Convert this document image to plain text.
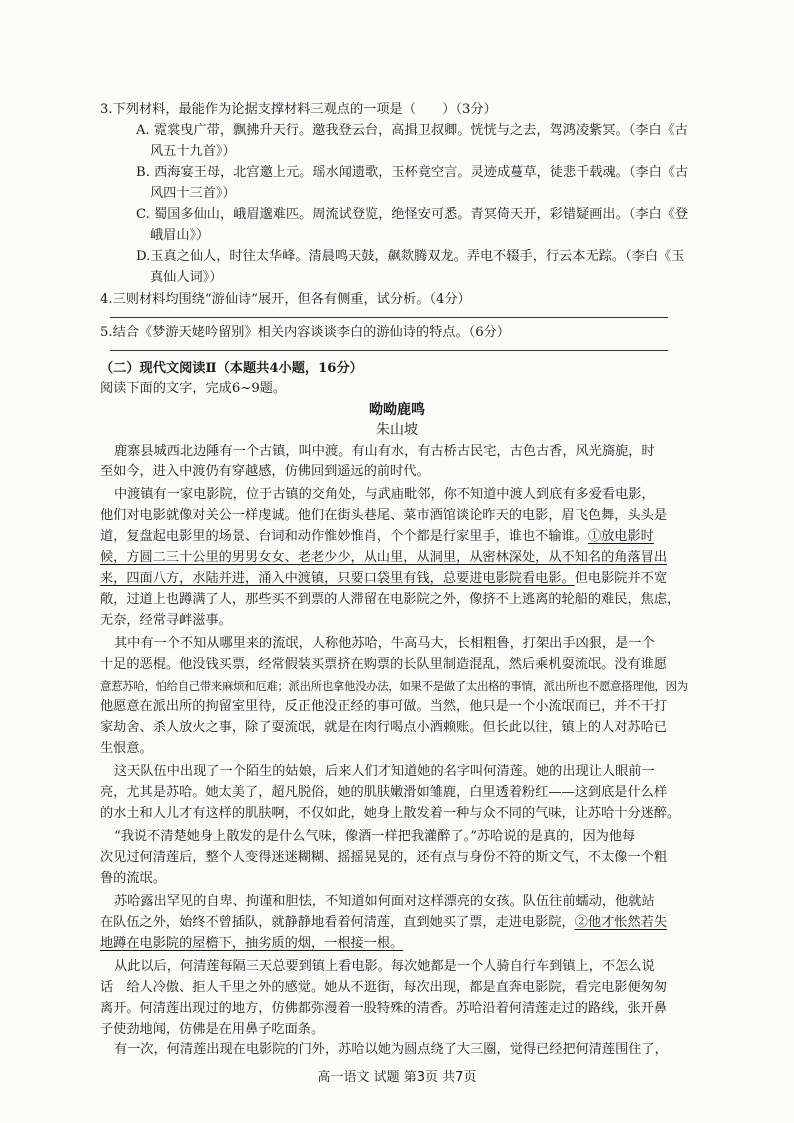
3.下列材料，最能作为论据支撑材料三观点的一项是（　　）（3分）
A. 霓裳曳广带，飘拂升天行。邀我登云台，高揖卫叔卿。恍恍与之去，驾鸿凌紫冥。（李白《古
风五十九首》）
B. 西海宴王母，北宫邀上元。瑶水闻遗歌，玉杯竟空言。灵迹成蔓草，徒悲千载魂。（李白《古
风四十三首》）
C. 蜀国多仙山，峨眉邈难匹。周流试登览，绝怪安可悉。青冥倚天开，彩错疑画出。（李白《登
峨眉山》）
D.玉真之仙人，时往太华峰。清晨鸣天鼓，飙欻腾双龙。弄电不辍手，行云本无踪。（李白《玉
真仙人词》）
4.三则材料均围绕“游仙诗”展开，但各有侧重，试分析。（4分）
5.结合《梦游天姥吟留别》相关内容谈谈李白的游仙诗的特点。（6分）
（二）现代文阅读Ⅱ（本题共4小题，16分）
阅读下面的文字，完成6~9题。
呦呦鹿鸣
朱山坡
鹿寨县城西北边陲有一个古镇，叫中渡。有山有水，有古桥古民宅，古色古香，风光旖旎，时
至如今，进入中渡仍有穿越感，仿佛回到遥远的前时代。
中渡镇有一家电影院，位于古镇的交角处，与武庙毗邻，你不知道中渡人到底有多爱看电影，
他们对电影就像对关公一样虔诚。他们在街头巷尾、菜市酒馆谈论昨天的电影，眉飞色舞，头头是
道，复盘起电影里的场景、台词和动作惟妙惟肖，个个都是行家里手，谁也不输谁。①放电影时
候，方圆二三十公里的男男女女、老老少少，从山里，从洞里，从密林深处，从不知名的角落冒出
来，四面八方，水陆并进，涌入中渡镇，只要口袋里有钱，总要进电影院看电影。但电影院并不宽
敞，过道上也蹲满了人，那些买不到票的人滞留在电影院之外，像挤不上逃离的轮船的难民，焦虑，
无奈，经常寻衅滋事。
其中有一个不知从哪里来的流氓，人称他苏哈，牛高马大，长相粗鲁，打架出手凶狠，是一个
十足的恶棍。他没钱买票，经常假装买票挤在购票的长队里制造混乱，然后乘机耍流氓。没有谁愿
意惹苏哈，怕给自己带来麻烦和厄难；派出所也拿他没办法，如果不是做了太出格的事情，派出所也不愿意搭理他，因为
他愿意在派出所的拘留室里待，反正他没正经的事可做。当然，他只是一个小流氓而已，并不干打
家劫舍、杀人放火之事，除了耍流氓，就是在肉行喝点小酒赖账。但长此以往，镇上的人对苏哈已
生恨意。
这天队伍中出现了一个陌生的姑娘，后来人们才知道她的名字叫何清莲。她的出现让人眼前一
亮，尤其是苏哈。她太美了，超凡脱俗，她的肌肤嫩滑如雏鹿，白里透着粉红——这到底是什么样
的水土和人儿才有这样的肌肤啊，不仅如此，她身上散发着一种与众不同的气味，让苏哈十分迷醉。
“我说不清楚她身上散发的是什么气味，像酒一样把我灌醉了。”苏哈说的是真的，因为他每
次见过何清莲后，整个人变得迷迷糊糊、摇摇晃晃的，还有点与身份不符的斯文气，不太像一个粗
鲁的流氓。
苏哈露出罕见的自卑、拘谨和胆怯，不知道如何面对这样漂亮的女孩。队伍往前蠕动，他就站
在队伍之外，始终不曾插队，就静静地看着何清莲，直到她买了票，走进电影院，②他才怅然若失
地蹲在电影院的屋檐下，抽劣质的烟，一根接一根。
从此以后，何清莲每隔三天总要到镇上看电影。每次她都是一个人骑自行车到镇上，不怎么说
话　给人冷傲、拒人千里之外的感觉。她从不逛街，每次出现，都是直奔电影院，看完电影便匆匆
离开。何清莲出现过的地方，仿佛都弥漫着一股特殊的清香。苏哈沿着何清莲走过的路线，张开鼻
子使劲地闻，仿佛是在用鼻子吃面条。
有一次，何清莲出现在电影院的门外，苏哈以她为圆点绕了大三圈，觉得已经把何清莲围住了，
高一语文 试题 第3页 共7页
